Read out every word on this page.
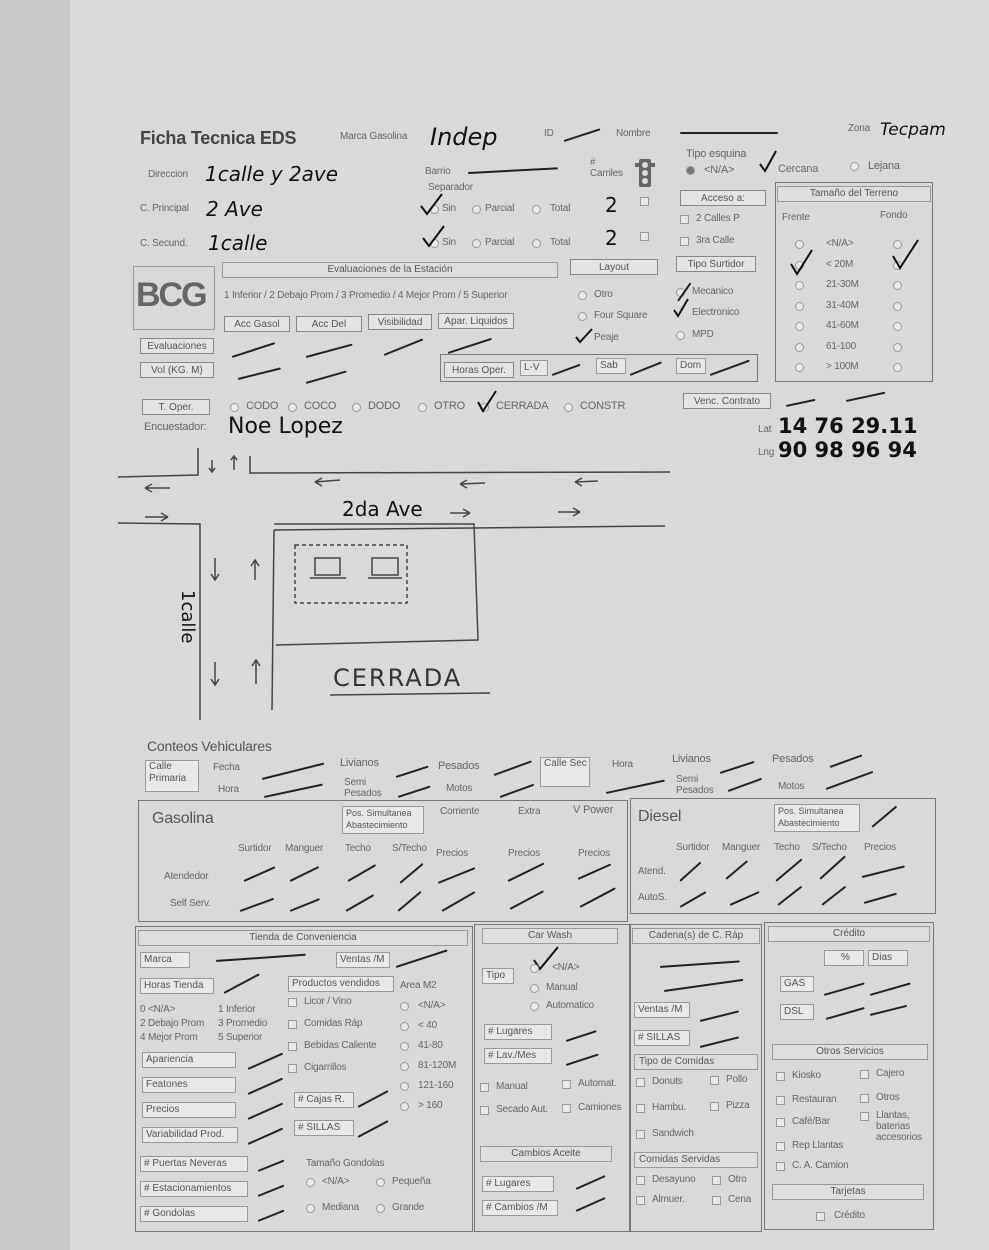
Ficha Tecnica EDS	Marca Gasolina Indep	ID	Nombre	Zona Tecpam
Direccion 1calle y 2ave	Barrio
# Carriles
C. Principal 2 Ave
Separador
Sin	Parcial	Total 2
C. Secund. 1calle	Sin	Parcial	Total 2
Tipo esquina
<N/A>	Cercana	Lejana
Acceso a:
2 Calles P
3ra Calle
Tipo Surtidor
Mecanico
Electronico
MPD
Tamaño del Terreno
Frente	Fondo
<N/A>
< 20M
21-30M
31-40M
41-60M
61-100
> 100M
BCG
Evaluaciones de la Estación
1 Inferior / 2 Debajo Prom / 3 Promedio / 4 Mejor Prom / 5 Superior
Acc Gasol	Acc Del	Visibilidad	Apar. Liquidos
Evaluaciones
Vol (KG. M)
Layout
Otro
Four Square
Peaje
Horas Oper.	L-V	Sab	Dom
T. Oper.	CODO COCO	DODO	OTRO	CERRADA	CONSTR	Venc. Contrato
Encuestador: Noe Lopez	Lat 14 76 29.11
Lng 90 98 96 94
2da Ave
1calle
CERRADA
Conteos Vehiculares
Calle Primaria
Fecha
Hora
Livianos
Semi Pesados
Pesados
Motos
Calle Sec	Hora	Livianos
Semi Pesados
Pesados
Motos
Gasolina	Pos. Simultanea Abastecimiento
Corriente	Extra	V Power
Surtidor Manguer Techo S/Techo Precios	Precios	Precios
Atendedor
Self Serv.
Diesel	Pos. Simultanea Abastecimiento
Surtidor Manguer Techo S/Techo Precios
Atend.
AutoS.
Tienda de Conveniencia
Marca	Ventas /M
Horas Tienda	Productos vendidos	Area M2
0 <N/A>	1 Inferior
2 Debajo Prom 3 Promedio
4 Mejor Prom 5 Superior
Licor / Vino
Comidas Ráp
Bebidas Caliente
Cigarrillos
<N/A>
< 40
41-80
81-120M
121-160
> 160
Apariencia
Featones
Precios
Variabilidad Prod.
# Cajas R.
# SILLAS
# Puertas Neveras
# Estacionamientos
# Gondolas
Tamaño Gondolas
<N/A>	Pequeña
Mediana	Grande
Car Wash
Tipo
<N/A>
Manual
Automatico
# Lugares
# Lav./Mes
Manual	Automat.
Secado Aut.	Camiones
Cambios Aceite
# Lugares
# Cambios /M
Cadena(s) de C. Ráp
Ventas /M
# SILLAS
Tipo de Comidas
Donuts	Pollo
Hambu.	Pizza
Sandwich
Comidas Servidas
Desayuno	Otro
Almuer.	Cena
Crédito
%	Dias
GAS
DSL
Otros Servicios
Kiosko	Cajero
Restauran	Otros
Café/Bar
Llantas, baterias accesorios
Rep Llantas
C. A. Camion
Tarjetas
Crédito
